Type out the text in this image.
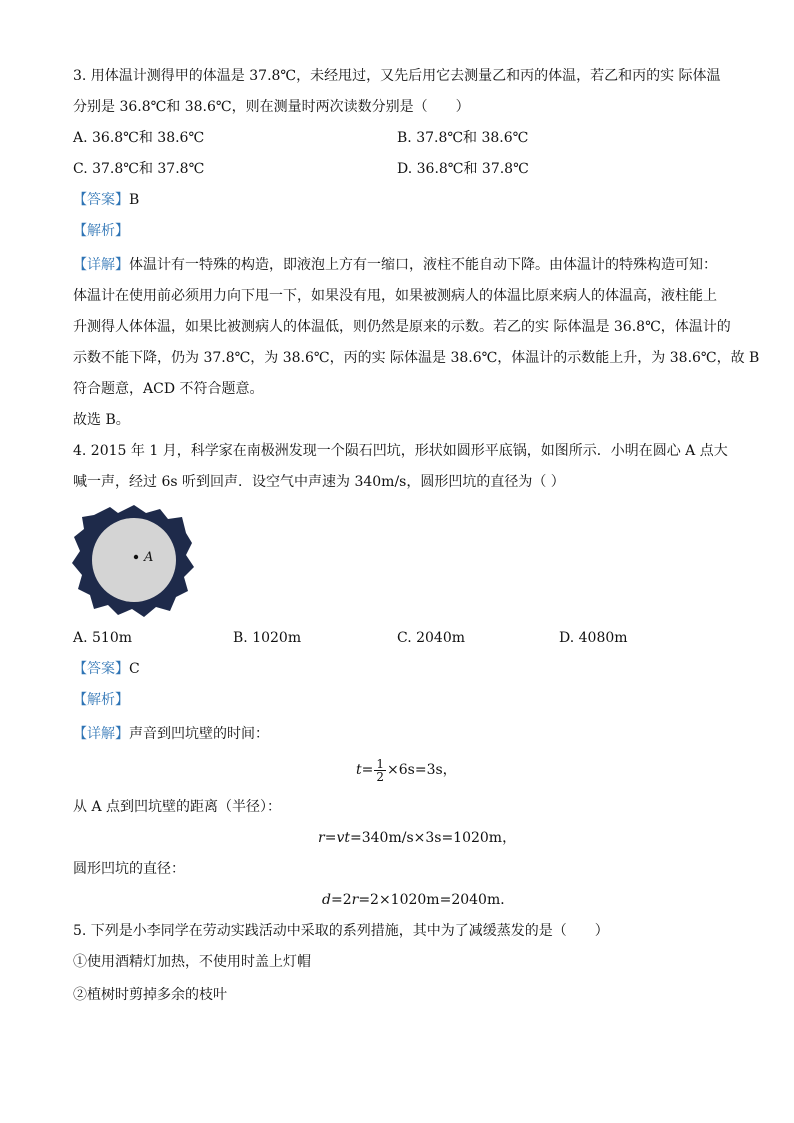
3. 用体温计测得甲的体温是 37.8℃，未经甩过，又先后用它去测量乙和丙的体温，若乙和丙的实 际体温
分别是 36.8℃和 38.6℃，则在测量时两次读数分别是（　　）
A. 36.8℃和 38.6℃	B. 37.8℃和 38.6℃
C. 37.8℃和 37.8℃	D. 36.8℃和 37.8℃
【答案】B
【解析】
【详解】体温计有一特殊的构造，即液泡上方有一缩口，液柱不能自动下降。由体温计的特殊构造可知：
体温计在使用前必须用力向下甩一下，如果没有甩，如果被测病人的体温比原来病人的体温高，液柱能上
升测得人体体温，如果比被测病人的体温低，则仍然是原来的示数。若乙的实 际体温是 36.8℃，体温计的
示数不能下降，仍为 37.8℃，为 38.6℃，丙的实 际体温是 38.6℃，体温计的示数能上升，为 38.6℃，故 B
符合题意，ACD 不符合题意。
故选 B。
4. 2015 年 1 月，科学家在南极洲发现一个陨石凹坑，形状如圆形平底锅，如图所示．小明在圆心 A 点大
喊一声，经过 6s 听到回声．设空气中声速为 340m/s，圆形凹坑的直径为（ ）
A
A. 510m	B. 1020m	C. 2040m	D. 4080m
【答案】C
【解析】
【详解】声音到凹坑壁的时间：
$t= \frac{1}{2} \times 6s=3s$，
从 A 点到凹坑壁的距离（半径）：
r=vt=340m/s×3s=1020m，
圆形凹坑的直径：
d=2r=2×1020m=2040m．
5. 下列是小李同学在劳动实践活动中采取的系列措施，其中为了减缓蒸发的是（　　）
①使用酒精灯加热，不使用时盖上灯帽
②植树时剪掉多余的枝叶
